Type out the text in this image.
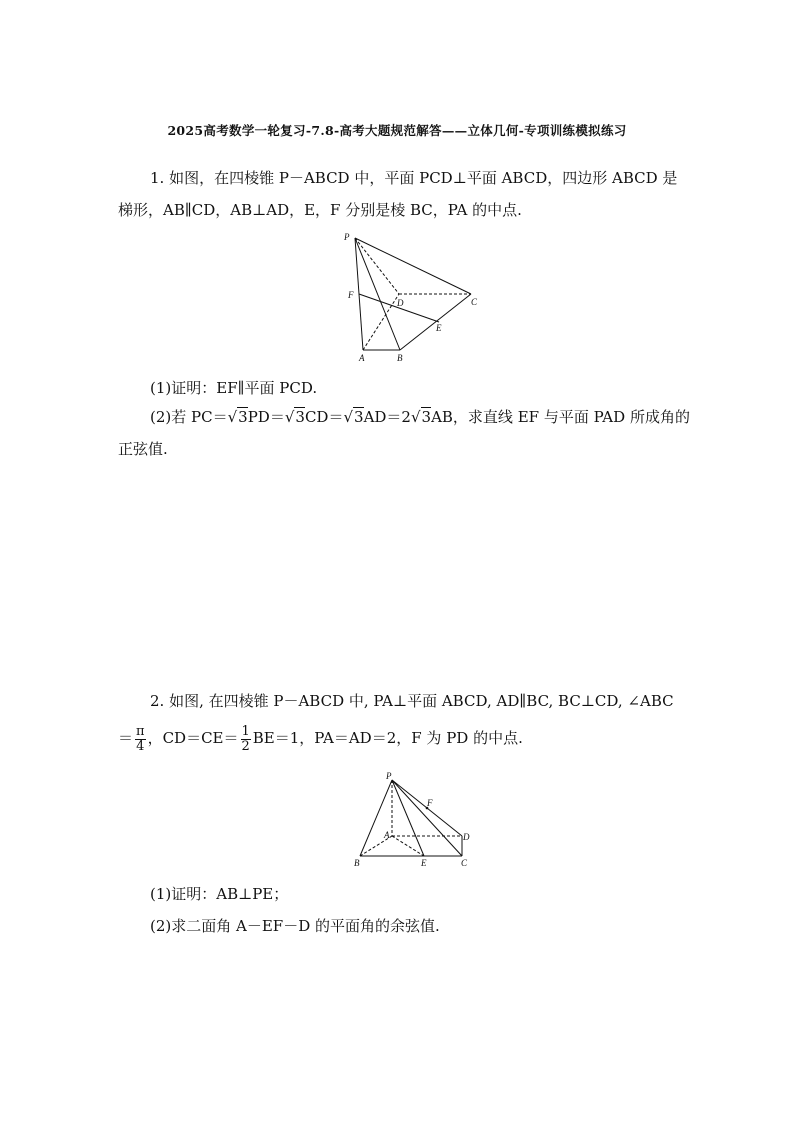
2025高考数学一轮复习-7.8-高考大题规范解答——立体几何-专项训练模拟练习
1. 如图，在四棱锥 P－ABCD 中，平面 PCD⊥平面 ABCD，四边形 ABCD 是
梯形，AB∥CD，AB⊥AD，E，F 分别是棱 BC，PA 的中点.
P
F
D	C
E
A	B
(1)证明：EF∥平面 PCD.
(2)若 PC＝√3PD＝√3CD＝√3AD＝2√3AB，求直线 EF 与平面 PAD 所成角的
正弦值.
2. 如图, 在四棱锥 P－ABCD 中, PA⊥平面 ABCD, AD∥BC, BC⊥CD, ∠ABC
＝ $\frac{\pi}{4}$ ，$CD=CE= \frac{1}{2} BE=1$，PA＝AD＝2，F 为 PD 的中点.
P
F
A	D
B	E	C
(1)证明：AB⊥PE；
(2)求二面角 A－EF－D 的平面角的余弦值.
